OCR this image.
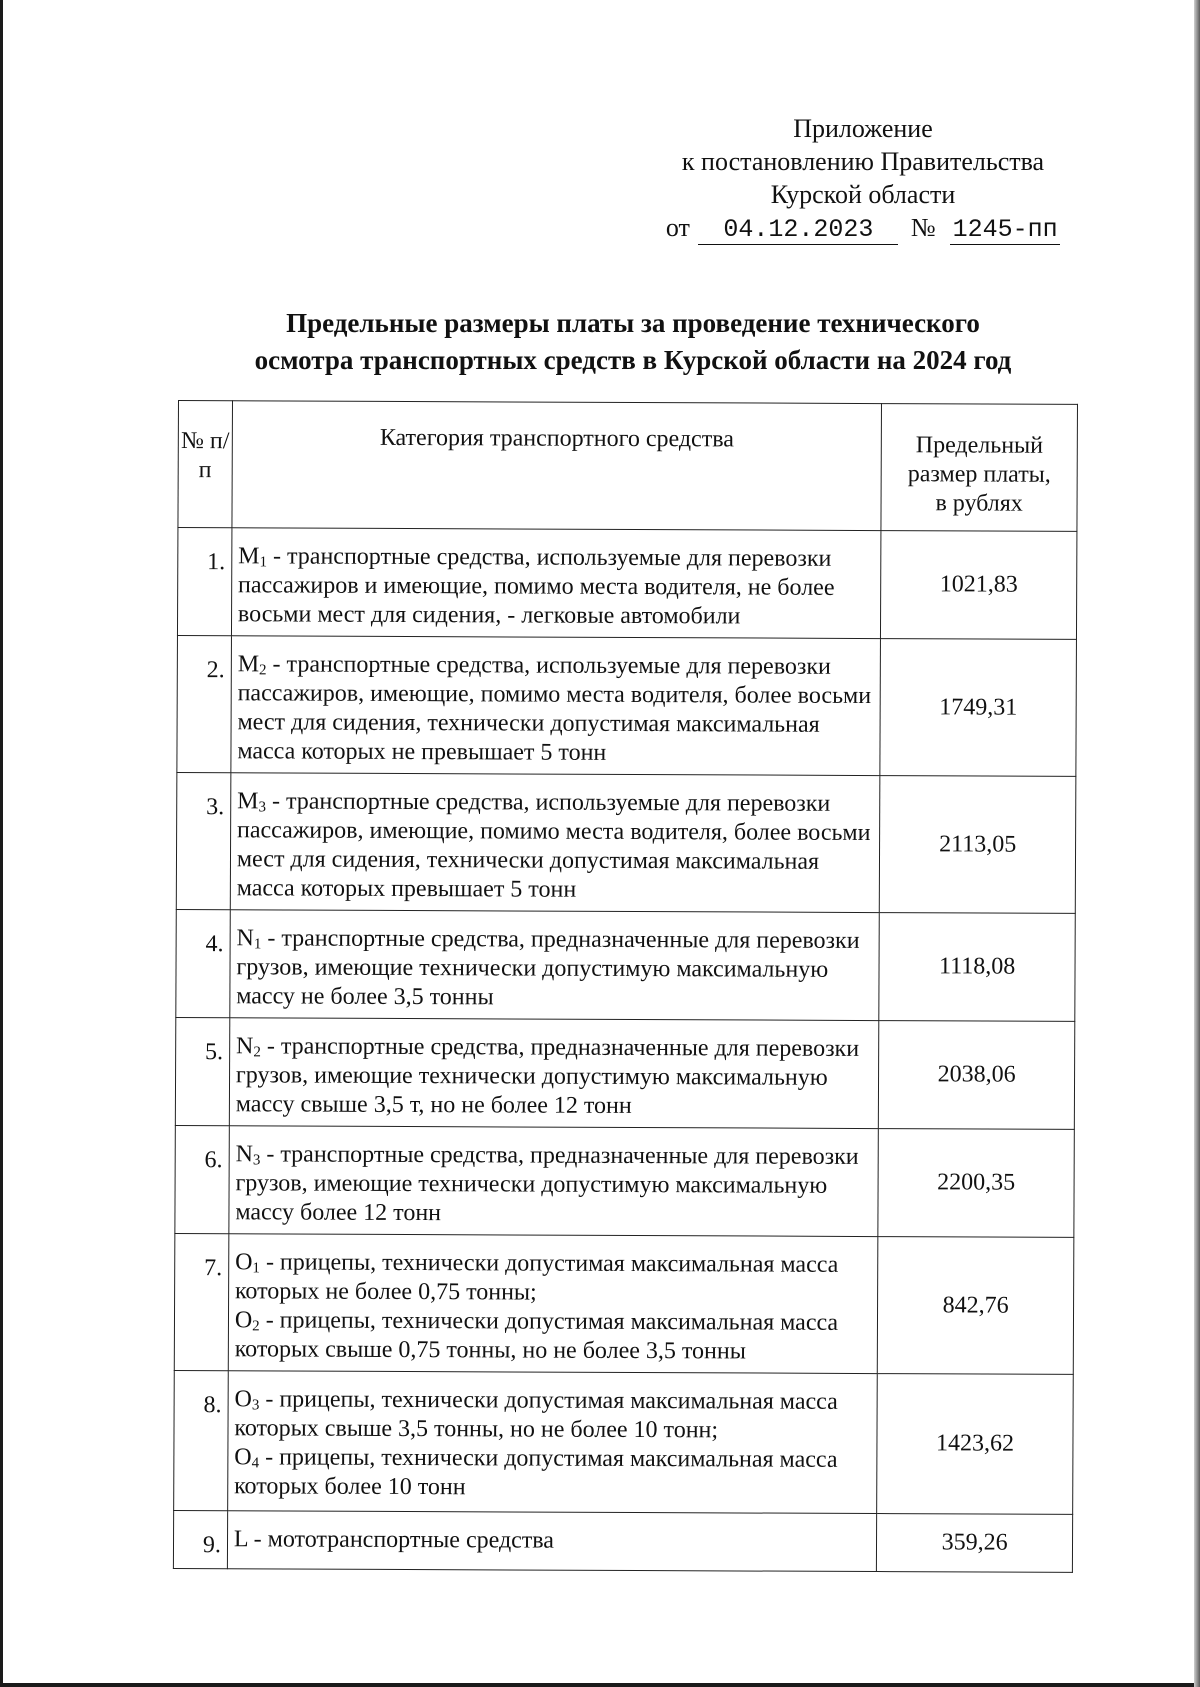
Приложение
к постановлению Правительства
Курской области
от 04.12.2023 № 1245-пп
Предельные размеры платы за проведение технического
осмотра транспортных средств в Курской области на 2024 год
№ п/п	Категория транспортного средства	Предельный
размер платы,
в рублях

1.	$M_1$ - транспортные средства, используемые для перевозки пассажиров и имеющие, помимо места водителя, не более восьми мест для сидения, - легковые автомобили	1021,83
2.	$M_2$ - транспортные средства, используемые для перевозки пассажиров, имеющие, помимо места водителя, более восьми мест для сидения, технически допустимая максимальная масса которых не превышает 5 тонн	1749,31
3.	$M_3$ - транспортные средства, используемые для перевозки пассажиров, имеющие, помимо места водителя, более восьми мест для сидения, технически допустимая максимальная масса которых превышает 5 тонн	2113,05
4.	$N_1$ - транспортные средства, предназначенные для перевозки грузов, имеющие технически допустимую максимальную массу не более 3,5 тонны	1118,08
5.	$N_2$ - транспортные средства, предназначенные для перевозки грузов, имеющие технически допустимую максимальную массу свыше 3,5 т, но не более 12 тонн	2038,06
6.	$N_3$ - транспортные средства, предназначенные для перевозки грузов, имеющие технически допустимую максимальную массу более 12 тонн	2200,35
7.	$O_1$ - прицепы, технически допустимая максимальная масса которых не более 0,75 тонны;
$O_2$ - прицепы, технически допустимая максимальная масса которых свыше 0,75 тонны, но не более 3,5 тонны	842,76
8.	$O_3$ - прицепы, технически допустимая максимальная масса которых свыше 3,5 тонны, но не более 10 тонн;
$O_4$ - прицепы, технически допустимая максимальная масса которых более 10 тонн	1423,62
9.	L - мототранспортные средства	359,26
